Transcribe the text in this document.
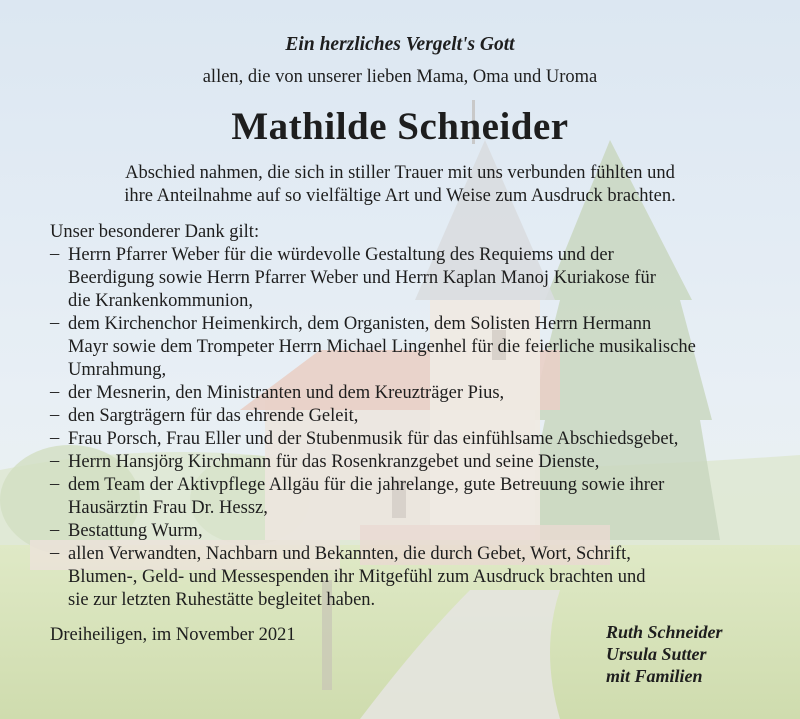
Ein herzliches Vergelt's Gott
allen, die von unserer lieben Mama, Oma und Uroma
Mathilde Schneider
Abschied nahmen, die sich in stiller Trauer mit uns verbunden fühlten und
ihre Anteilnahme auf so vielfältige Art und Weise zum Ausdruck brachten.
Unser besonderer Dank gilt:
– Herrn Pfarrer Weber für die würdevolle Gestaltung des Requiems und der
Beerdigung sowie Herrn Pfarrer Weber und Herrn Kaplan Manoj Kuriakose für
die Krankenkommunion,
– dem Kirchenchor Heimenkirch, dem Organisten, dem Solisten Herrn Hermann
Mayr sowie dem Trompeter Herrn Michael Lingenhel für die feierliche musikalische
Umrahmung,
– der Mesnerin, den Ministranten und dem Kreuzträger Pius,
– den Sargträgern für das ehrende Geleit,
– Frau Porsch, Frau Eller und der Stubenmusik für das einfühlsame Abschiedsgebet,
– Herrn Hansjörg Kirchmann für das Rosenkranzgebet und seine Dienste,
– dem Team der Aktivpflege Allgäu für die jahrelange, gute Betreuung sowie ihrer
Hausärztin Frau Dr. Hessz,
– Bestattung Wurm,
– allen Verwandten, Nachbarn und Bekannten, die durch Gebet, Wort, Schrift,
Blumen-, Geld- und Messespenden ihr Mitgefühl zum Ausdruck brachten und
sie zur letzten Ruhestätte begleitet haben.
Dreiheiligen, im November 2021	Ruth Schneider
Ursula Sutter
mit Familien
